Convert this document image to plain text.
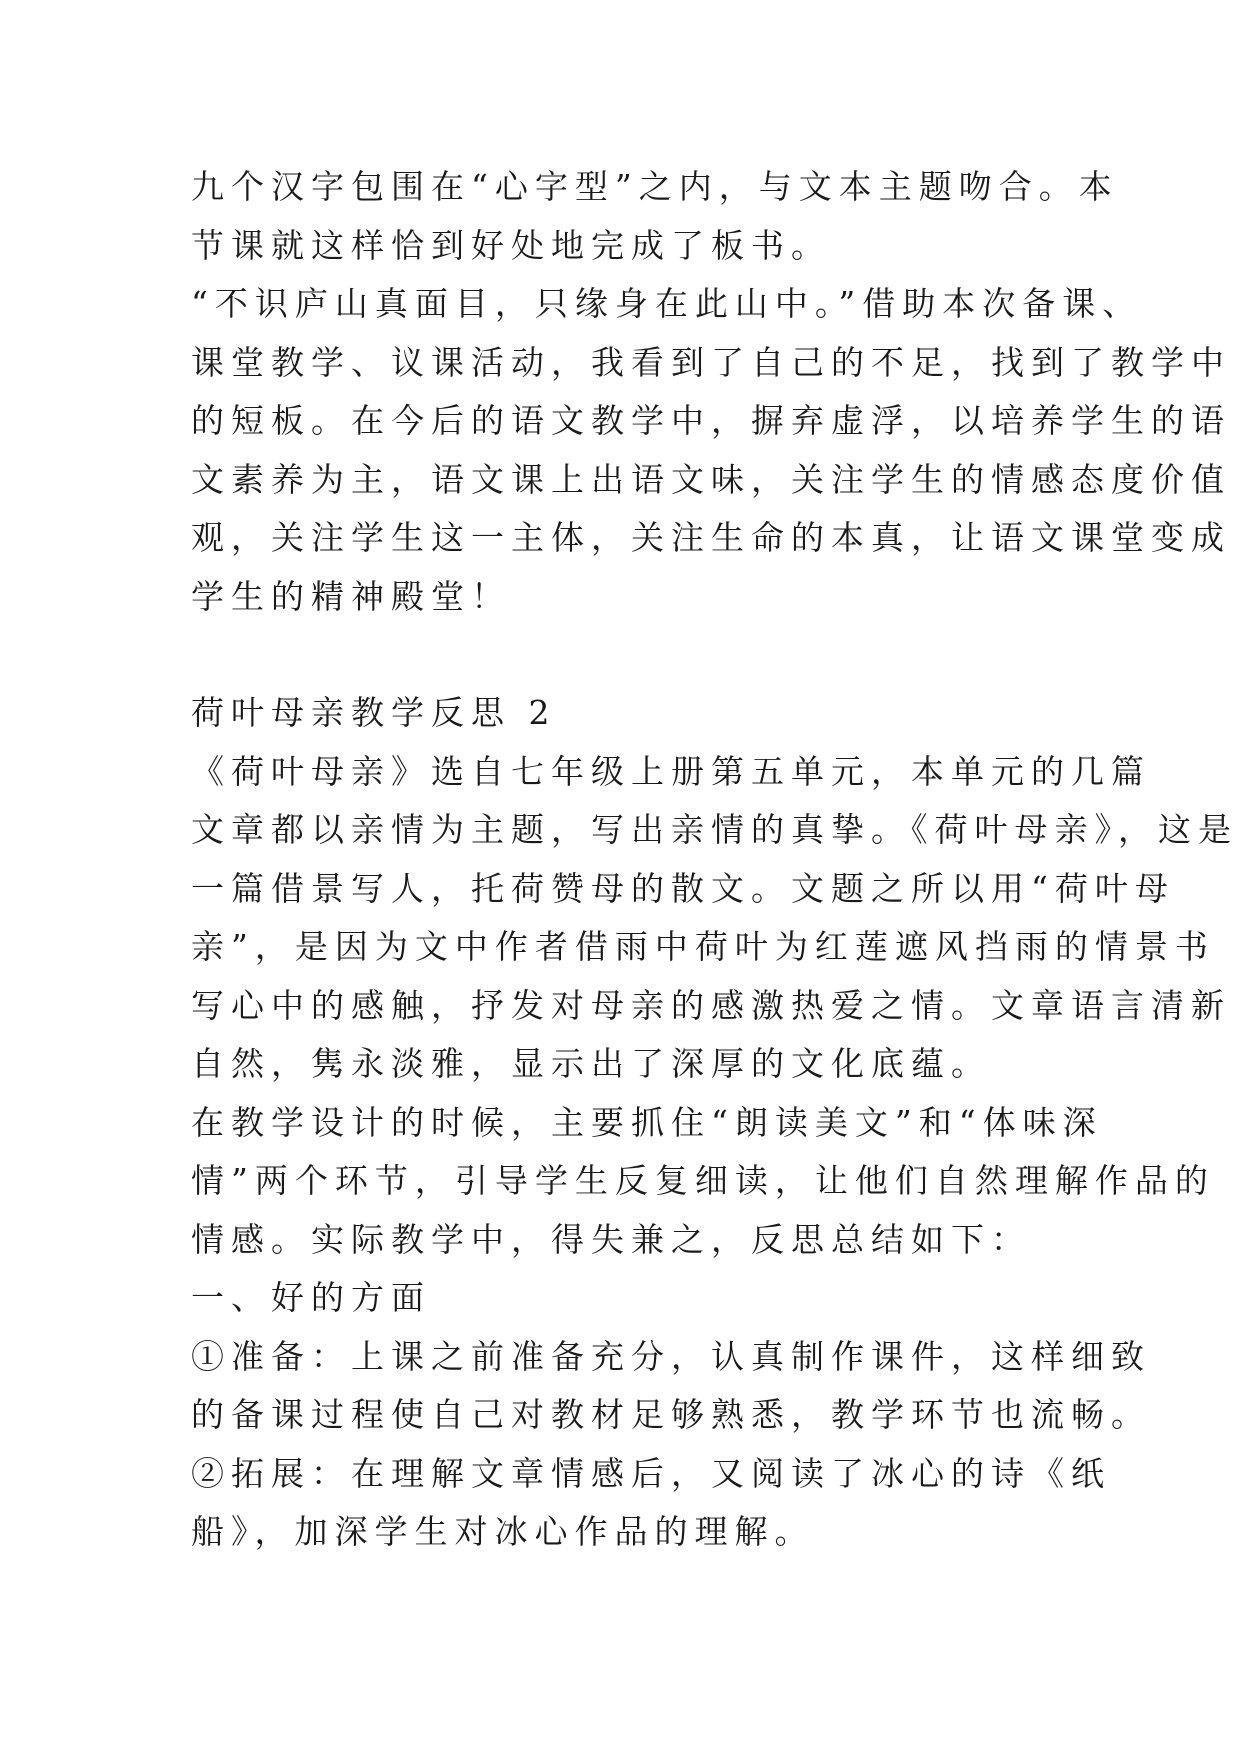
九个汉字包围在“心字型”之内，与文本主题吻合。本

节课就这样恰到好处地完成了板书。

“不识庐山真面目，只缘身在此山中。”借助本次备课、

课堂教学、议课活动，我看到了自己的不足，找到了教学中

的短板。在今后的语文教学中，摒弃虚浮，以培养学生的语

文素养为主，语文课上出语文味，关注学生的情感态度价值

观，关注学生这一主体，关注生命的本真，让语文课堂变成

学生的精神殿堂！

荷叶母亲教学反思 2

《荷叶母亲》选自七年级上册第五单元，本单元的几篇

文章都以亲情为主题，写出亲情的真挚。《荷叶母亲》，这是

一篇借景写人，托荷赞母的散文。文题之所以用“荷叶母

亲”，是因为文中作者借雨中荷叶为红莲遮风挡雨的情景书

写心中的感触，抒发对母亲的感激热爱之情。文章语言清新

自然，隽永淡雅，显示出了深厚的文化底蕴。

在教学设计的时候，主要抓住“朗读美文”和“体味深

情”两个环节，引导学生反复细读，让他们自然理解作品的

情感。实际教学中，得失兼之，反思总结如下：

一、好的方面

①准备：上课之前准备充分，认真制作课件，这样细致

的备课过程使自己对教材足够熟悉，教学环节也流畅。

②拓展：在理解文章情感后，又阅读了冰心的诗《纸

船》，加深学生对冰心作品的理解。
